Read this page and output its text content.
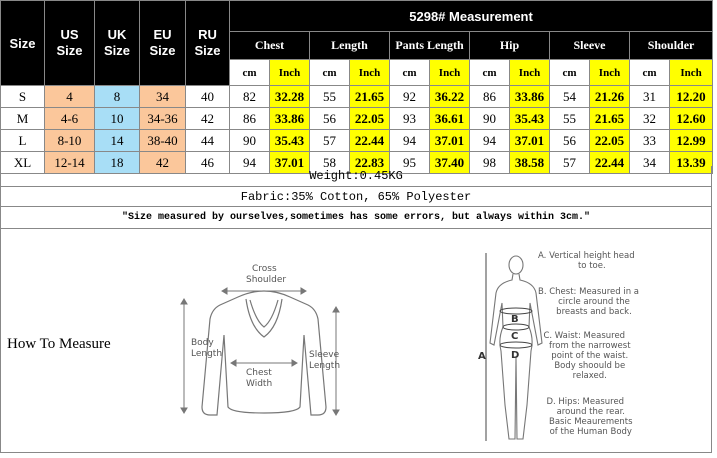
Size	US Size	UK Size	EU Size	RU Size	5298# Measurement											
					Chest		Length		Pants Length		Hip		Sleeve		Shoulder	
					cm	Inch	cm	Inch	cm	Inch	cm	Inch	cm	Inch	cm	Inch
S	4	8	34	40	82	32.28	55	21.65	92	36.22	86	33.86	54	21.26	31	12.20
M	4-6	10	34-36	42	86	33.86	56	22.05	93	36.61	90	35.43	55	21.65	32	12.60
L	8-10	14	38-40	44	90	35.43	57	22.44	94	37.01	94	37.01	56	22.05	33	12.99
XL	12-14	18	42	46	94	37.01	58	22.83	95	37.40	98	38.58	57	22.44	34	13.39
Weight:0.45KG
Fabric:35% Cotton, 65% Polyester
"Size measured by ourselves,sometimes has some errors, but always within 3cm."
How To Measure
Cross
Shoulder
Body
Length
Chest
Width
Sleeve
Length
B
C
D
A
A. Vertical height head
to toe.
B. Chest: Measured in a
circle around the
breasts and back.
C. Waist: Measured
from the narrowest
point of the waist.
Body shoould be
relaxed.
D. Hips: Measured
around the rear.
Basic Meaurements
of the Human Body
